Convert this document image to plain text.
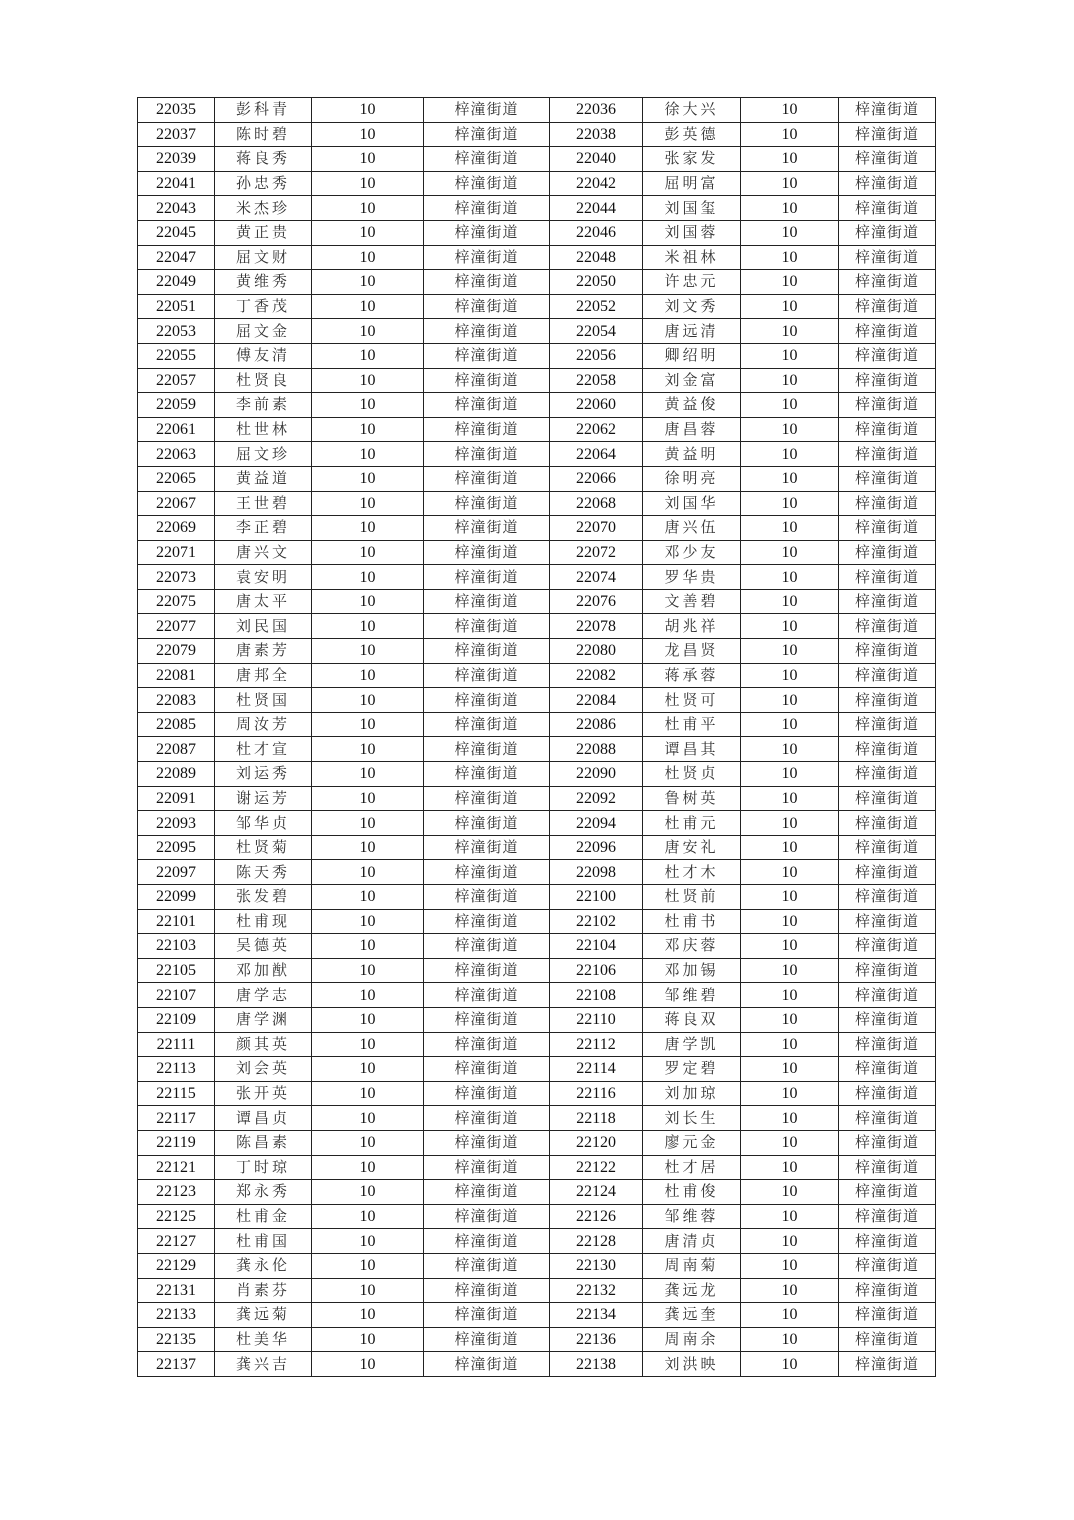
22035	彭科青	10	梓潼街道	22036	徐大兴	10	梓潼街道
22037	陈时碧	10	梓潼街道	22038	彭英德	10	梓潼街道
22039	蒋良秀	10	梓潼街道	22040	张家发	10	梓潼街道
22041	孙忠秀	10	梓潼街道	22042	屈明富	10	梓潼街道
22043	米杰珍	10	梓潼街道	22044	刘国玺	10	梓潼街道
22045	黄正贵	10	梓潼街道	22046	刘国蓉	10	梓潼街道
22047	屈文财	10	梓潼街道	22048	米祖林	10	梓潼街道
22049	黄维秀	10	梓潼街道	22050	许忠元	10	梓潼街道
22051	丁香茂	10	梓潼街道	22052	刘文秀	10	梓潼街道
22053	屈文金	10	梓潼街道	22054	唐远清	10	梓潼街道
22055	傅友清	10	梓潼街道	22056	卿绍明	10	梓潼街道
22057	杜贤良	10	梓潼街道	22058	刘金富	10	梓潼街道
22059	李前素	10	梓潼街道	22060	黄益俊	10	梓潼街道
22061	杜世林	10	梓潼街道	22062	唐昌蓉	10	梓潼街道
22063	屈文珍	10	梓潼街道	22064	黄益明	10	梓潼街道
22065	黄益道	10	梓潼街道	22066	徐明亮	10	梓潼街道
22067	王世碧	10	梓潼街道	22068	刘国华	10	梓潼街道
22069	李正碧	10	梓潼街道	22070	唐兴伍	10	梓潼街道
22071	唐兴文	10	梓潼街道	22072	邓少友	10	梓潼街道
22073	袁安明	10	梓潼街道	22074	罗华贵	10	梓潼街道
22075	唐太平	10	梓潼街道	22076	文善碧	10	梓潼街道
22077	刘民国	10	梓潼街道	22078	胡兆祥	10	梓潼街道
22079	唐素芳	10	梓潼街道	22080	龙昌贤	10	梓潼街道
22081	唐邦全	10	梓潼街道	22082	蒋承蓉	10	梓潼街道
22083	杜贤国	10	梓潼街道	22084	杜贤可	10	梓潼街道
22085	周汝芳	10	梓潼街道	22086	杜甫平	10	梓潼街道
22087	杜才宣	10	梓潼街道	22088	谭昌其	10	梓潼街道
22089	刘运秀	10	梓潼街道	22090	杜贤贞	10	梓潼街道
22091	谢运芳	10	梓潼街道	22092	鲁树英	10	梓潼街道
22093	邹华贞	10	梓潼街道	22094	杜甫元	10	梓潼街道
22095	杜贤菊	10	梓潼街道	22096	唐安礼	10	梓潼街道
22097	陈天秀	10	梓潼街道	22098	杜才木	10	梓潼街道
22099	张发碧	10	梓潼街道	22100	杜贤前	10	梓潼街道
22101	杜甫现	10	梓潼街道	22102	杜甫书	10	梓潼街道
22103	吴德英	10	梓潼街道	22104	邓庆蓉	10	梓潼街道
22105	邓加猷	10	梓潼街道	22106	邓加锡	10	梓潼街道
22107	唐学志	10	梓潼街道	22108	邹维碧	10	梓潼街道
22109	唐学渊	10	梓潼街道	22110	蒋良双	10	梓潼街道
22111	颜其英	10	梓潼街道	22112	唐学凯	10	梓潼街道
22113	刘会英	10	梓潼街道	22114	罗定碧	10	梓潼街道
22115	张开英	10	梓潼街道	22116	刘加琼	10	梓潼街道
22117	谭昌贞	10	梓潼街道	22118	刘长生	10	梓潼街道
22119	陈昌素	10	梓潼街道	22120	廖元金	10	梓潼街道
22121	丁时琼	10	梓潼街道	22122	杜才居	10	梓潼街道
22123	郑永秀	10	梓潼街道	22124	杜甫俊	10	梓潼街道
22125	杜甫金	10	梓潼街道	22126	邹维蓉	10	梓潼街道
22127	杜甫国	10	梓潼街道	22128	唐清贞	10	梓潼街道
22129	龚永伦	10	梓潼街道	22130	周南菊	10	梓潼街道
22131	肖素芬	10	梓潼街道	22132	龚远龙	10	梓潼街道
22133	龚远菊	10	梓潼街道	22134	龚远奎	10	梓潼街道
22135	杜美华	10	梓潼街道	22136	周南余	10	梓潼街道
22137	龚兴吉	10	梓潼街道	22138	刘洪映	10	梓潼街道
